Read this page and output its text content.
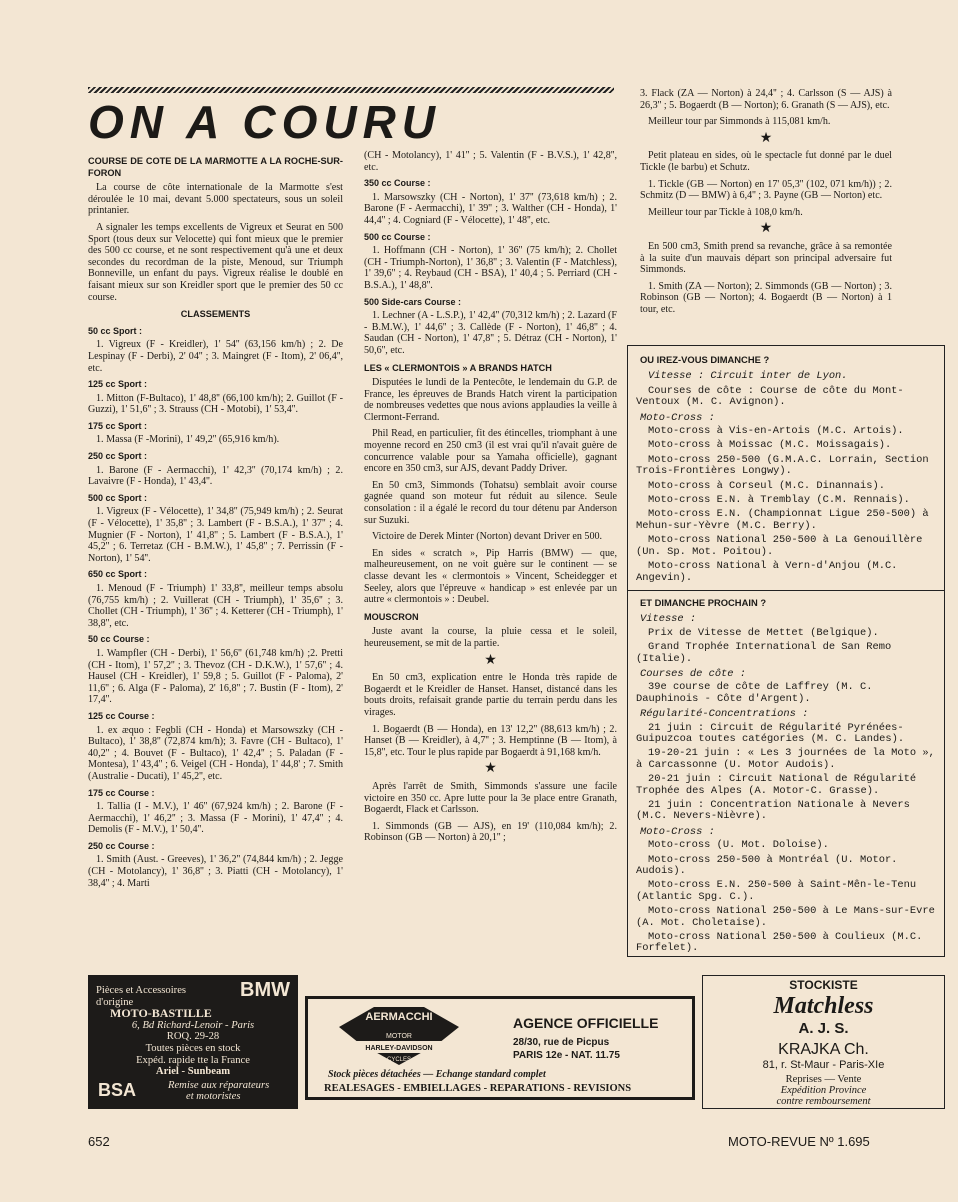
ON A COURU
COURSE DE COTE DE LA MARMOTTE A LA ROCHE-SUR-FORON

La course de côte internationale de la Marmotte s'est déroulée le 10 mai, devant 5.000 spectateurs, sous un soleil printanier.

A signaler les temps excellents de Vigreux et Seurat en 500 Sport (tous deux sur Velocette) qui font mieux que le premier des 500 cc course, et ne sont respectivement qu'à une et deux secondes du recordman de la piste, Menoud, sur Triumph Bonneville, un enfant du pays. Vigreux réalise le doublé en faisant mieux sur son Kreidler sport que le premier des 50 cc course.

CLASSEMENTS
50 cc Sport :

1. Vigreux (F - Kreidler), 1' 54'' (63,156 km/h) ; 2. De Lespinay (F - Derbi), 2' 04'' ; 3. Maingret (F - Itom), 2' 06,4'', etc.

125 cc Sport :

1. Mitton (F-Bultaco), 1' 48,8'' (66,100 km/h); 2. Guillot (F - Guzzi), 1' 51,6'' ; 3. Strauss (CH - Motobi), 1' 53,4''.

175 cc Sport :

1. Massa (F -Morini), 1' 49,2'' (65,916 km/h).

250 cc Sport :

1. Barone (F - Aermacchi), 1' 42,3'' (70,174 km/h) ; 2. Lavaivre (F - Honda), 1' 43,4''.

500 cc Sport :

1. Vigreux (F - Vélocette), 1' 34,8'' (75,949 km/h) ; 2. Seurat (F - Vélocette), 1' 35,8'' ; 3. Lambert (F - B.S.A.), 1' 37'' ; 4. Mugnier (F - Norton), 1' 41,8'' ; 5. Lambert (F - B.S.A.), 1' 45,2'' ; 6. Terretaz (CH - B.M.W.), 1' 45,8'' ; 7. Perrissin (F - Norton), 1' 54''.

650 cc Sport :

1. Menoud (F - Triumph) 1' 33,8'', meilleur temps absolu (76,755 km/h) ; 2. Vuillerat (CH - Triumph), 1' 35,6'' ; 3. Chollet (CH - Triumph), 1' 36'' ; 4. Ketterer (CH - Triumph), 1' 38,8'', etc.

50 cc Course :

1. Wampfler (CH - Derbi), 1' 56,6'' (61,748 km/h) ;2. Pretti (CH - Itom), 1' 57,2'' ; 3. Thevoz (CH - D.K.W.), 1' 57,6'' ; 4. Hausel (CH - Kreidler), 1' 59,8 ; 5. Guillot (F - Paloma), 2' 11,6'' ; 6. Alga (F - Paloma), 2' 16,8'' ; 7. Bustin (F - Itom), 2' 17,4''.

125 cc Course :

1. ex æquo : Fegbli (CH - Honda) et Marsowszky (CH - Bultaco), 1' 38,8'' (72,874 km/h); 3. Favre (CH - Bultaco), 1' 40,2'' ; 4. Bouvet (F - Bultaco), 1' 42,4'' ; 5. Paladan (F - Montesa), 1' 43,4'' ; 6. Veigel (CH - Honda), 1' 44,8' ; 7. Smith (Australie - Ducati), 1' 45,2'', etc.

175 cc Course :

1. Tallia (I - M.V.), 1' 46'' (67,924 km/h) ; 2. Barone (F - Aermacchi), 1' 46,2'' ; 3. Massa (F - Morini), 1' 47,4'' ; 4. Demolis (F - M.V.), 1' 50,4''.

250 cc Course :

1. Smith (Aust. - Greeves), 1' 36,2'' (74,844 km/h) ; 2. Jegge (CH - Motolancy), 1' 36,8'' ; 3. Piatti (CH - Motolancy), 1' 38,4'' ; 4. Marti

(CH - Motolancy), 1' 41'' ; 5. Valentin (F - B.V.S.), 1' 42,8'', etc.

350 cc Course :

1. Marsowszky (CH - Norton), 1' 37'' (73,618 km/h) ; 2. Barone (F - Aermacchi), 1' 39'' ; 3. Walther (CH - Honda), 1' 44,4'' ; 4. Cogniard (F - Vélocette), 1' 48'', etc.

500 cc Course :

1. Hoffmann (CH - Norton), 1' 36'' (75 km/h); 2. Chollet (CH - Triumph-Norton), 1' 36,8'' ; 3. Valentin (F - Matchless), 1' 39,6'' ; 4. Reybaud (CH - BSA), 1' 40,4 ; 5. Perriard (CH - B.S.A.), 1' 48,8''.

500 Side-cars Course :

1. Lechner (A - L.S.P.), 1' 42,4'' (70,312 km/h) ; 2. Lazard (F - B.M.W.), 1' 44,6'' ; 3. Callède (F - Norton), 1' 46,8'' ; 4. Saudan (CH - Norton), 1' 47,8'' ; 5. Détraz (CH - Norton), 1' 50,6'', etc.

LES « CLERMONTOIS » A BRANDS HATCH

Disputées le lundi de la Pentecôte, le lendemain du G.P. de France, les épreuves de Brands Hatch virent la participation de nombreuses vedettes que nous avions applaudies la veille à Clermont-Ferrand.

Phil Read, en particulier, fit des étincelles, triomphant à une moyenne record en 250 cm3 (il est vrai qu'il n'avait guère de concurrence valable pour sa Yamaha officielle), gagnant encore en 350 cm3, sur AJS, devant Paddy Driver.

En 50 cm3, Simmonds (Tohatsu) semblait avoir course gagnée quand son moteur fut réduit au silence. Seule consolation : il a égalé le record du tour détenu par Anderson sur Suzuki.

Victoire de Derek Minter (Norton) devant Driver en 500.

En sides « scratch », Pip Harris (BMW) — que, malheureusement, on ne voit guère sur le continent — se classe devant les « clermontois » Vincent, Scheidegger et Seeley, alors que l'épreuve « handicap » est enlevée par un autre « clermontois » : Deubel.

MOUSCRON

Juste avant la course, la pluie cessa et le soleil, heureusement, se mit de la partie.

★

En 50 cm3, explication entre le Honda très rapide de Bogaerdt et le Kreidler de Hanset. Hanset, distancé dans les bouts droits, refaisait grande partie du terrain perdu dans les virages.

1. Bogaerdt (B — Honda), en 13' 12,2'' (88,613 km/h) ; 2. Hanset (B — Kreidler), à 4,7'' ; 3. Hemptinne (B — Itom), à 15,8'', etc. Tour le plus rapide par Bogaerdt à 91,168 km/h.

★

Après l'arrêt de Smith, Simmonds s'assure une facile victoire en 350 cc. Apre lutte pour la 3e place entre Granath, Bogaerdt, Flack et Carlsson.

1. Simmonds (GB — AJS), en 19' (110,084 km/h); 2. Robinson (GB — Norton) à 20,1'' ;

3. Flack (ZA — Norton) à 24,4'' ; 4. Carlsson (S — AJS) à 26,3'' ; 5. Bogaerdt (B — Norton); 6. Granath (S — AJS), etc.

Meilleur tour par Simmonds à 115,081 km/h.

★

Petit plateau en sides, où le spectacle fut donné par le duel Tickle (le barbu) et Schutz.

1. Tickle (GB — Norton) en 17' 05,3'' (102, 071 km/h)) ; 2. Schmitz (D — BMW) à 6,4'' ; 3. Payne (GB — Norton) etc.

Meilleur tour par Tickle à 108,0 km/h.

★

En 500 cm3, Smith prend sa revanche, grâce à sa remontée à la suite d'un mauvais départ son principal adversaire fut Simmonds.

1. Smith (ZA — Norton); 2. Simmonds (GB — Norton) ; 3. Robinson (GB — Norton); 4. Bogaerdt (B — Norton) à 1 tour, etc.

OU IREZ-VOUS DIMANCHE ?
Vitesse : Circuit inter de Lyon.
Courses de côte : Course de côte du Mont-Ventoux (M. C. Avignon).
Moto-Cross :
Moto-cross à Vis-en-Artois (M.C. Artois).
Moto-cross à Moissac (M.C. Moissagais).
Moto-cross 250-500 (G.M.A.C. Lorrain, Section Trois-Frontières Longwy).
Moto-cross à Corseul (M.C. Dinannais).
Moto-cross E.N. à Tremblay (C.M. Rennais).
Moto-cross E.N. (Championnat Ligue 250-500) à Mehun-sur-Yèvre (M.C. Berry).
Moto-cross National 250-500 à La Genouillère (Un. Sp. Mot. Poitou).
Moto-cross National à Vern-d'Anjou (M.C. Angevin).
ET DIMANCHE PROCHAIN ?
Vitesse :
Prix de Vitesse de Mettet (Belgique).
Grand Trophée International de San Remo (Italie).
Courses de côte :
39e course de côte de Laffrey (M. C. Dauphinois - Côte d'Argent).
Régularité-Concentrations :
21 juin : Circuit de Régularité Pyrénées-Guipuzcoa toutes catégories (M. C. Landes).
19-20-21 juin : « Les 3 journées de la Moto », à Carcassonne (U. Motor Audois).
20-21 juin : Circuit National de Régularité Trophée des Alpes (A. Motor-C. Grasse).
21 juin : Concentration Nationale à Nevers (M.C. Nevers-Nièvre).
Moto-Cross :
Moto-cross (U. Mot. Doloise).
Moto-cross 250-500 à Montréal (U. Motor. Audois).
Moto-cross E.N. 250-500 à Saint-Mên-le-Tenu (Atlantic Spg. C.).
Moto-cross National 250-500 à Le Mans-sur-Evre (A. Mot. Choletaise).
Moto-cross National 250-500 à Coulieux (M.C. Forfelet).
Pièces et Accessoires
d'origine
BMW
MOTO-BASTILLE
6, Bd Richard-Lenoir - Paris
ROQ. 29-28
Toutes pièces en stock
Expéd. rapide tte la France
Ariel - Sunbeam
BSA	Remise aux réparateurs
et motoristes
AERMACCHI
MOTOR
HARLEY-DAVIDSON
CYCLES
AGENCE OFFICIELLE
28/30, rue de Picpus
PARIS 12e - NAT. 11.75
Stock pièces détachées — Echange standard complet
REALESAGES - EMBIELLAGES - REPARATIONS - REVISIONS
STOCKISTE
Matchless
A. J. S.
KRAJKA Ch.
81, r. St-Maur - Paris-XIe
Reprises — Vente
Expédition Province
contre remboursement
652	MOTO-REVUE Nº 1.695
